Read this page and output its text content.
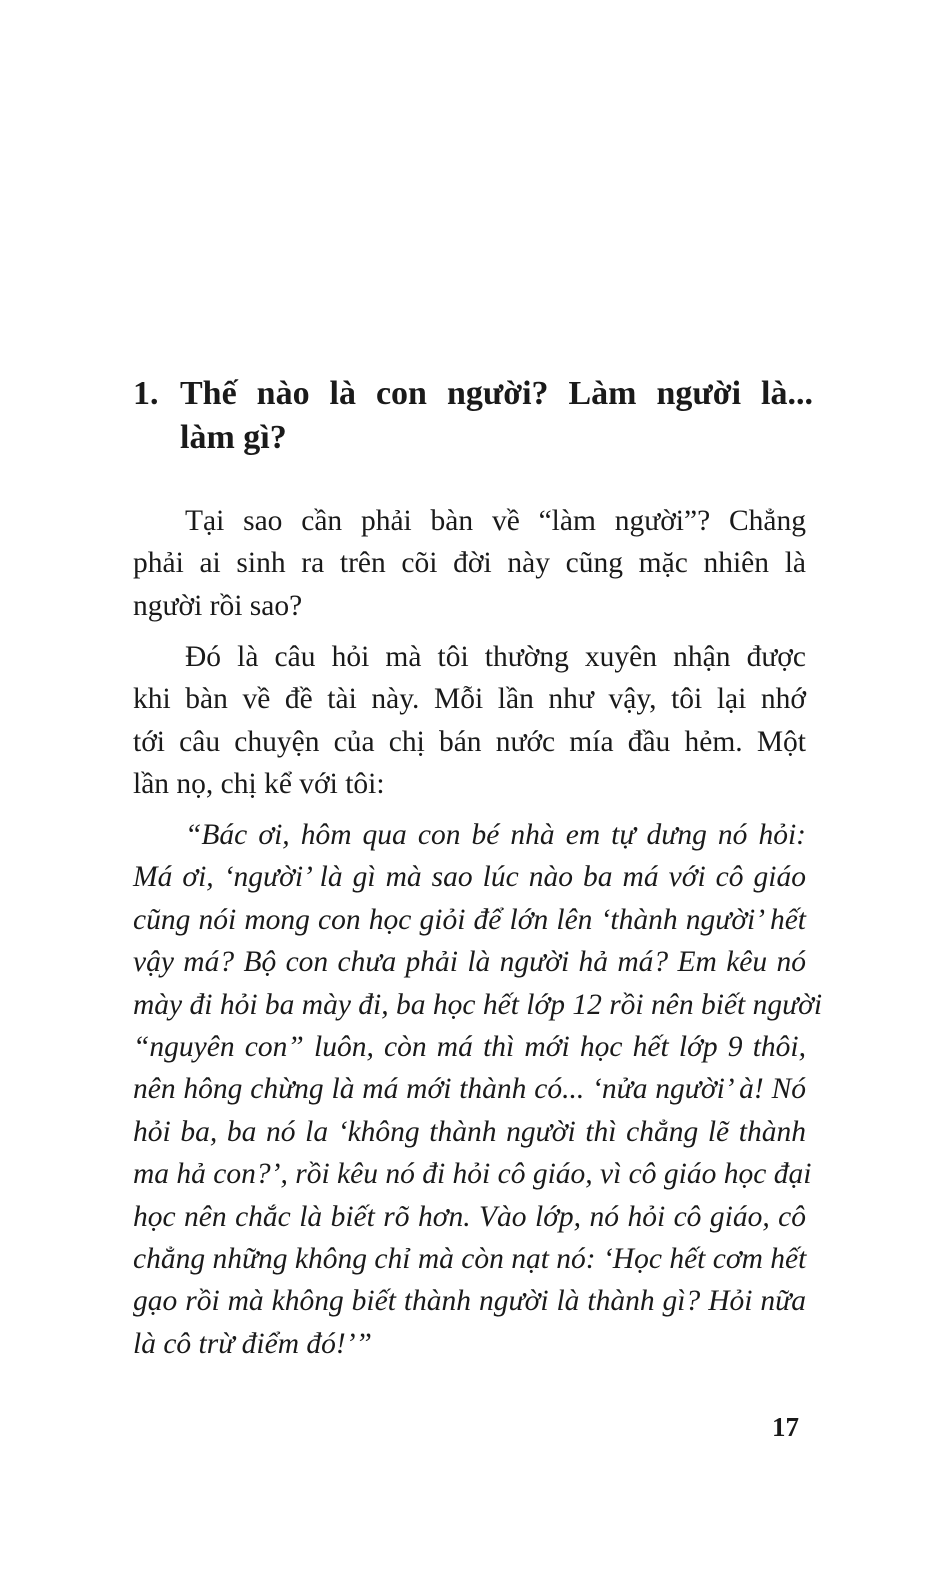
1. Thế nào là con người? Làm người là...
làm gì?
Tại sao cần phải bàn về “làm người”? Chẳng
phải ai sinh ra trên cõi đời này cũng mặc nhiên là
người rồi sao?
Đó là câu hỏi mà tôi thường xuyên nhận được
khi bàn về đề tài này. Mỗi lần như vậy, tôi lại nhớ
tới câu chuyện của chị bán nước mía đầu hẻm. Một
lần nọ, chị kể với tôi:
“Bác ơi, hôm qua con bé nhà em tự dưng nó hỏi:
Má ơi, ‘người’ là gì mà sao lúc nào ba má với cô giáo
cũng nói mong con học giỏi để lớn lên ‘thành người’ hết
vậy má? Bộ con chưa phải là người hả má? Em kêu nó
mày đi hỏi ba mày đi, ba học hết lớp 12 rồi nên biết người
“nguyên con” luôn, còn má thì mới học hết lớp 9 thôi,
nên hông chừng là má mới thành có... ‘nửa người’ à! Nó
hỏi ba, ba nó la ‘không thành người thì chẳng lẽ thành
ma hả con?’, rồi kêu nó đi hỏi cô giáo, vì cô giáo học đại
học nên chắc là biết rõ hơn. Vào lớp, nó hỏi cô giáo, cô
chẳng những không chỉ mà còn nạt nó: ‘Học hết cơm hết
gạo rồi mà không biết thành người là thành gì? Hỏi nữa
là cô trừ điểm đó!’”
17
